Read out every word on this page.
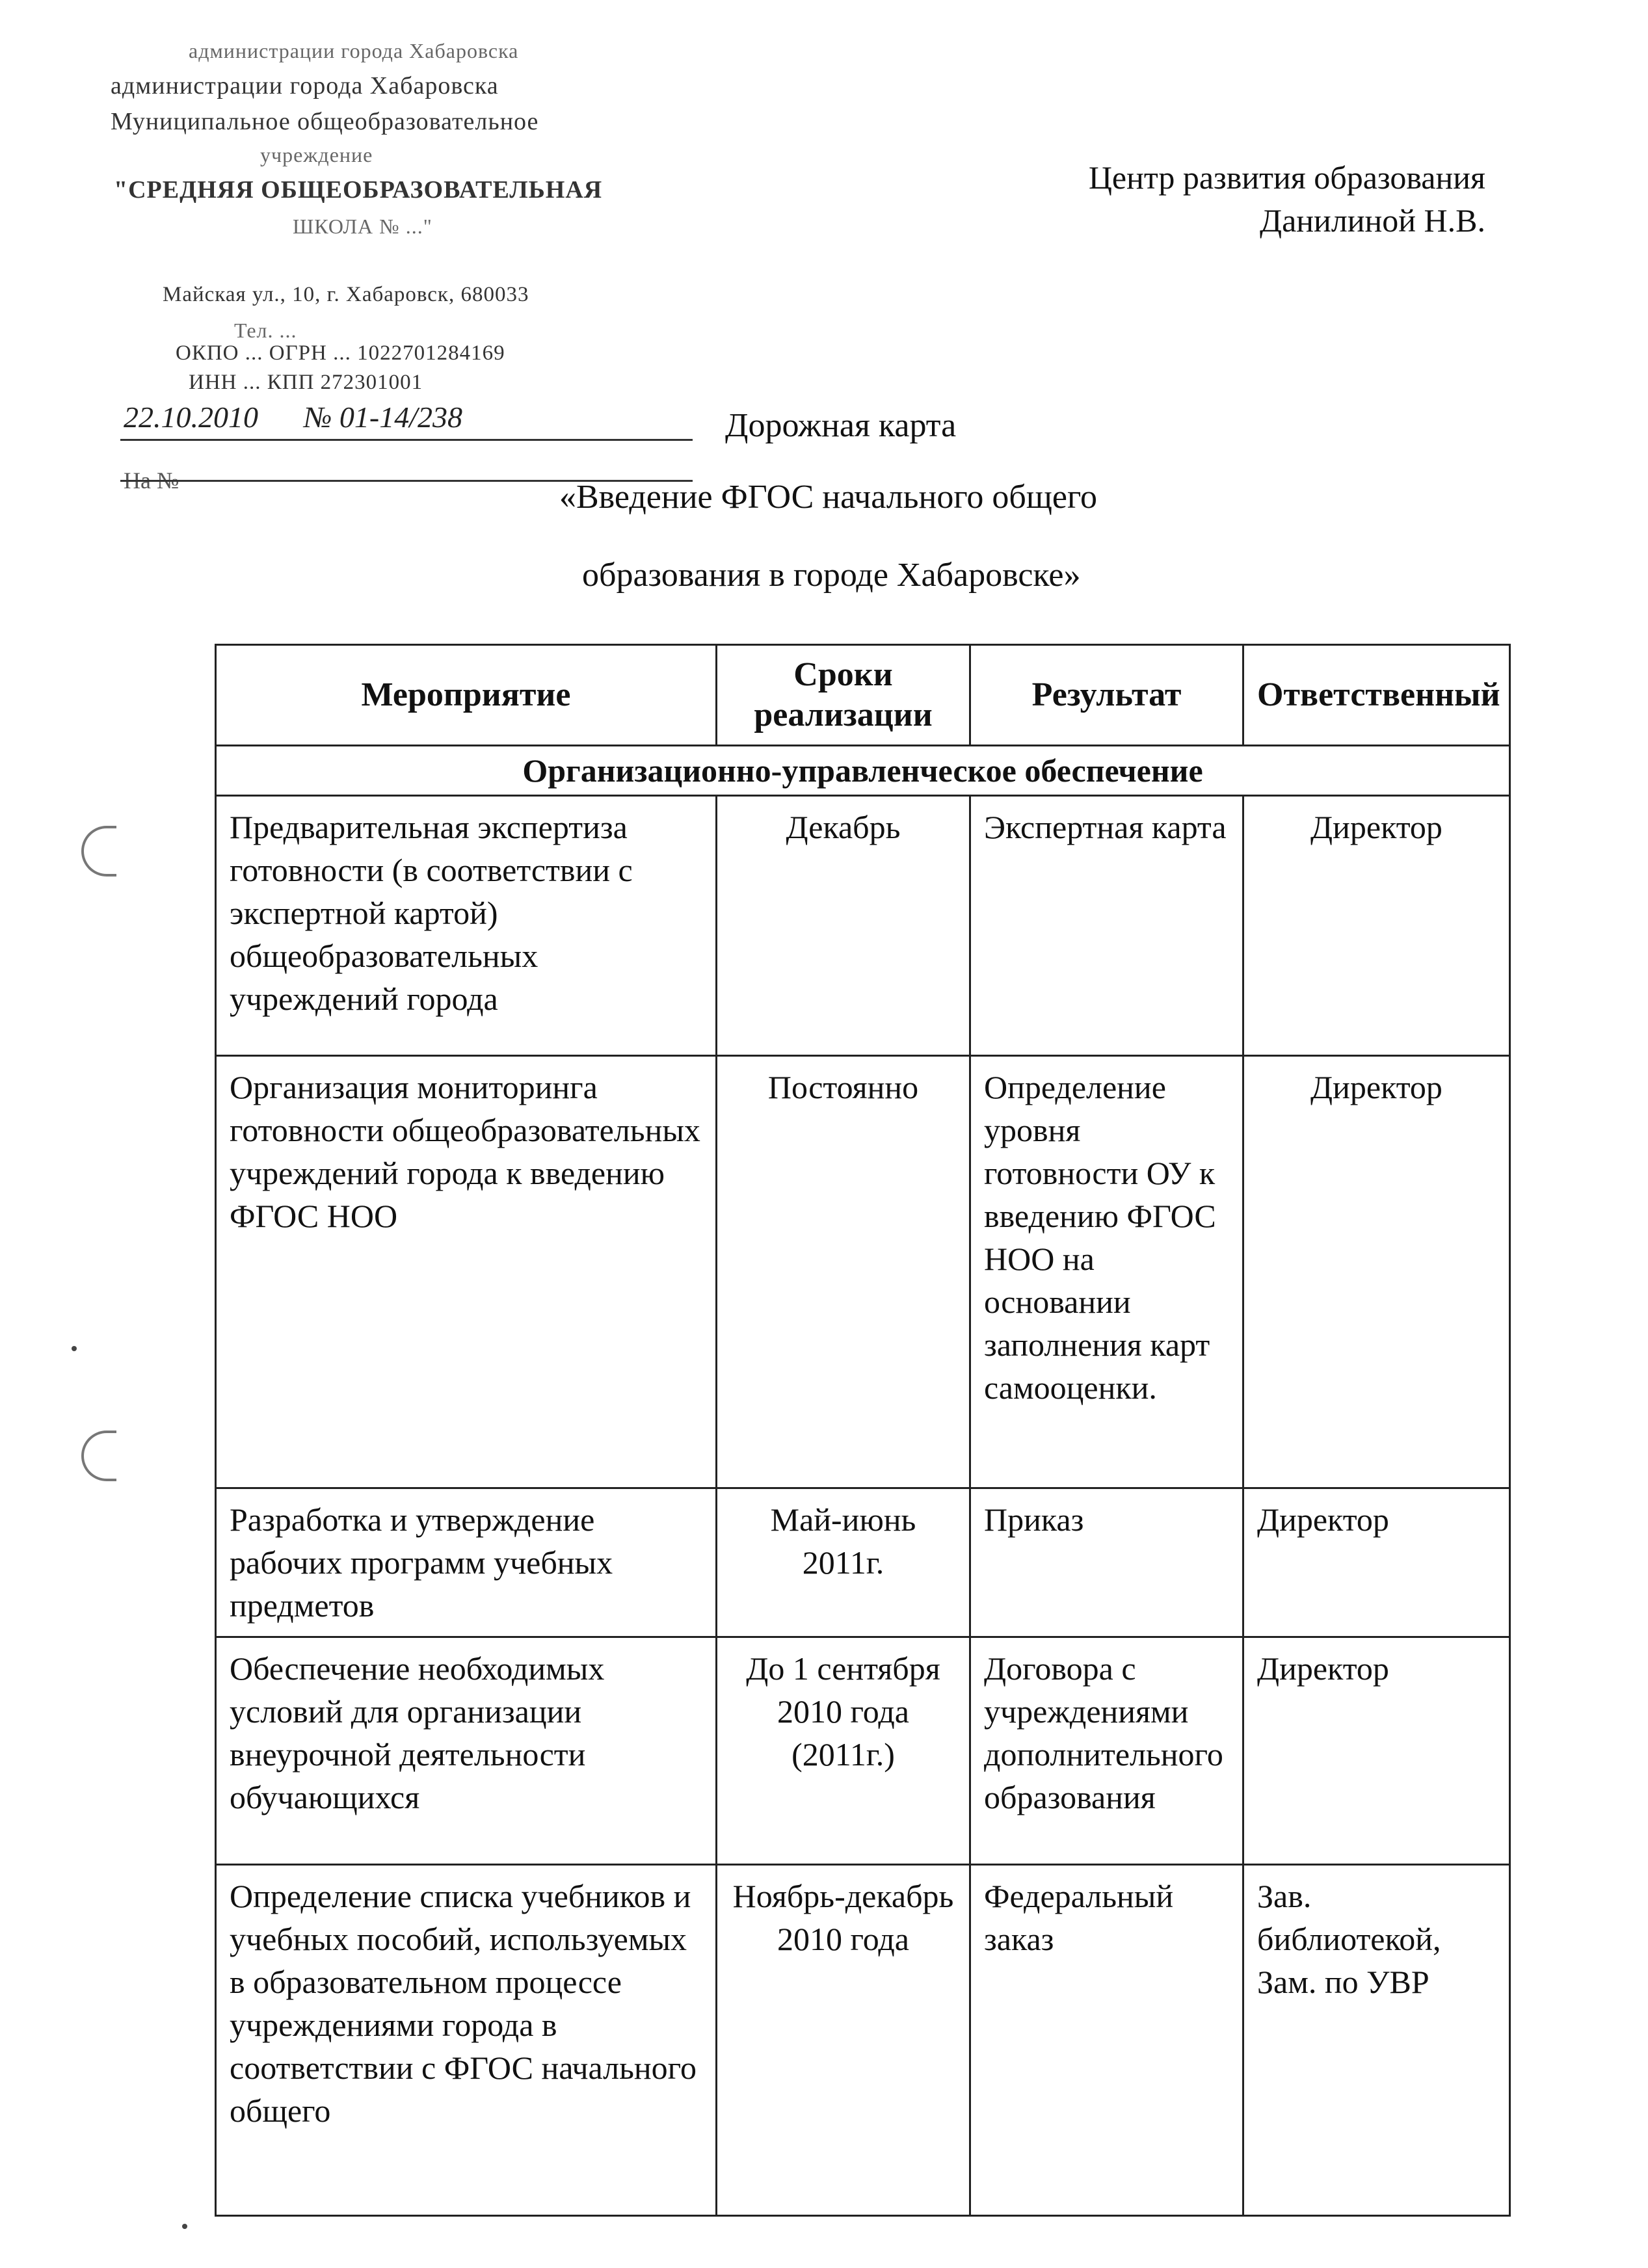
администрации города Хабаровска
администрации города Хабаровска
Муниципальное общеобразовательное
учреждение
"СРЕДНЯЯ ОБЩЕОБРАЗОВАТЕЛЬНАЯ
ШКОЛА № ..."
Майская ул., 10, г. Хабаровск, 680033
Тел. ...
ОКПО ... ОГРН ... 1022701284169
ИНН ... КПП 272301001
Центр развития образования
Данилиной Н.В.
22.10.2010 № 01-14/238
На №
Дорожная карта
«Введение ФГОС начального общего
образования в городе Хабаровске»
Мероприятие	Сроки реализации	Результат	Ответственный
Организационно-управленческое обеспечение			
Предварительная экспертиза готовности (в соответствии с экспертной картой) общеобразовательных учреждений города	Декабрь	Экспертная карта	Директор
Организация мониторинга готовности общеобразовательных учреждений города к введению ФГОС НОО	Постоянно	Определение уровня готовности ОУ к введению ФГОС НОО на основании заполнения карт самооценки.	Директор
Разработка и утверждение рабочих программ учебных предметов	Май-июнь 2011г.	Приказ	Директор
Обеспечение необходимых условий для организации внеурочной деятельности обучающихся	До 1 сентября 2010 года (2011г.)	Договора с учреждениями дополнительного образования	Директор
Определение списка учебников и учебных пособий, используемых в образовательном процессе учреждениями города в соответствии с ФГОС начального общего	Ноябрь-декабрь 2010 года	Федеральный заказ	Зав. библиотекой, Зам. по УВР
